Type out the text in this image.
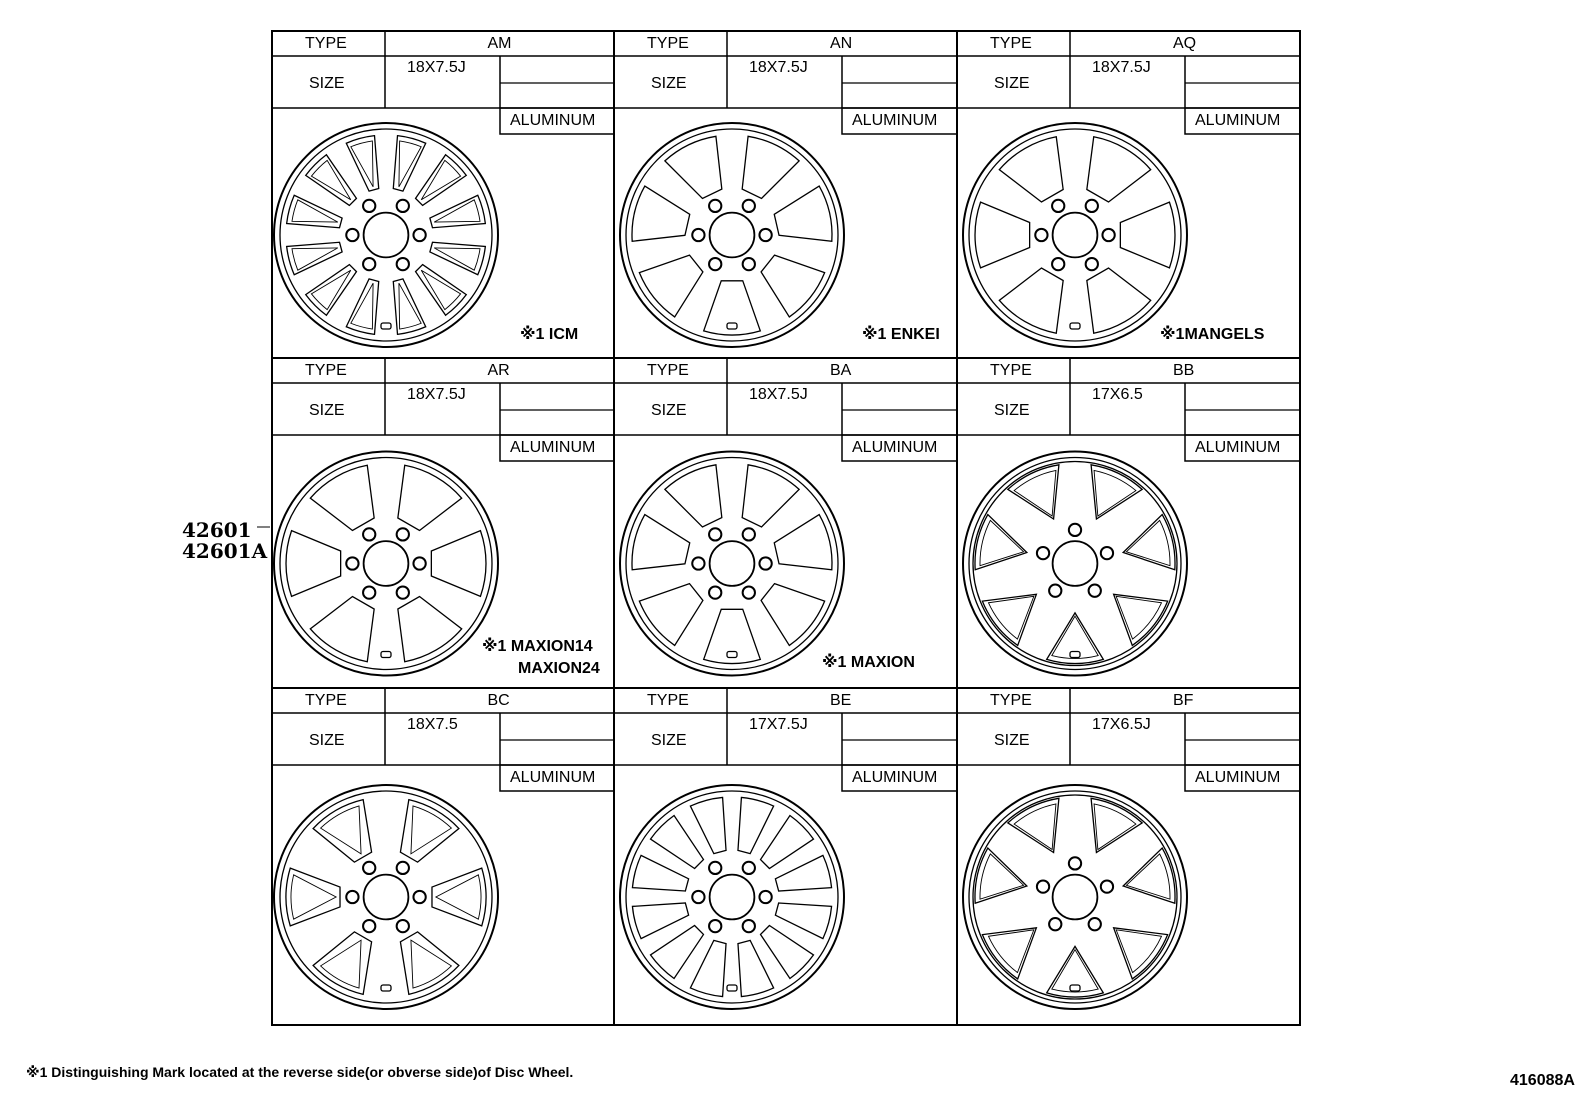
42601
42601A
※1 Distinguishing Mark located at the reverse side(or obverse side)of Disc Wheel.	416088A
TYPE	AM
SIZE
18X7.5J
ALUMINUM
※1 ICM
TYPE	AN
SIZE
18X7.5J
ALUMINUM
※1 ENKEI
TYPE	AQ
SIZE
18X7.5J
ALUMINUM
※1MANGELS
TYPE	AR
SIZE
18X7.5J
ALUMINUM
※1 MAXION14
MAXION24
TYPE	BA
SIZE
18X7.5J
ALUMINUM
※1 MAXION
TYPE	BB
SIZE
17X6.5
ALUMINUM
TYPE	BC
SIZE
18X7.5
ALUMINUM
TYPE	BE
SIZE
17X7.5J
ALUMINUM
TYPE	BF
SIZE
17X6.5J
ALUMINUM
